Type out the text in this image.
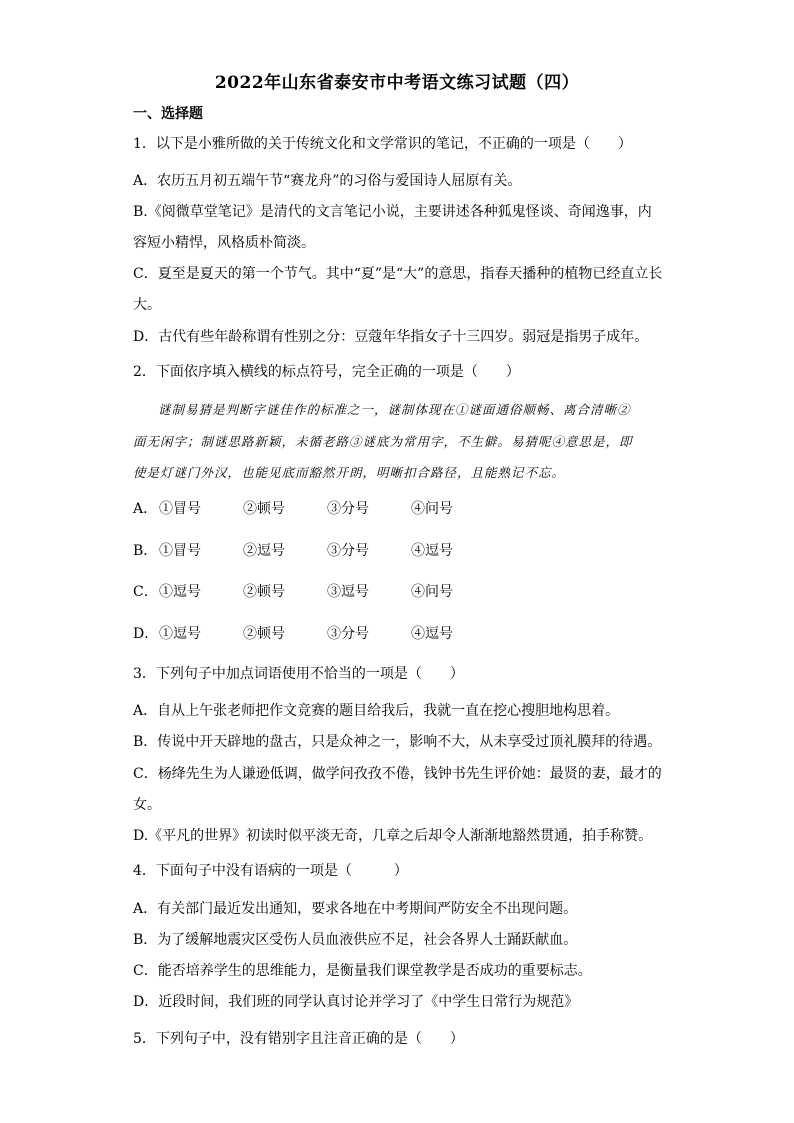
2022年山东省泰安市中考语文练习试题（四）
一、选择题
1．以下是小雅所做的关于传统文化和文学常识的笔记，不正确的一项是（　　）
A．农历五月初五端午节“赛龙舟”的习俗与爱国诗人屈原有关。
B.《阅微草堂笔记》是清代的文言笔记小说，主要讲述各种狐鬼怪谈、奇闻逸事，内
容短小精悍，风格质朴简淡。
C．夏至是夏天的第一个节气。其中“夏”是“大”的意思，指春天播种的植物已经直立长
大。
D．古代有些年龄称谓有性别之分：豆蔻年华指女子十三四岁。弱冠是指男子成年。
2．下面依序填入横线的标点符号，完全正确的一项是（　　）
谜制易猜是判断字谜佳作的标准之一，谜制体现在①谜面通俗顺畅、离合清晰②
面无闲字；制谜思路新颖，未循老路③谜底为常用字，不生僻。易猜呢④意思是，即
使是灯谜门外汉，也能见底而豁然开朗，明晰扣合路径，且能熟记不忘。
A． ①冒号	②顿号	③分号	④问号
B． ①冒号	②逗号	③分号	④逗号
C．①逗号	②顿号	③逗号	④问号
D．①逗号	②顿号	③分号	④逗号
3．下列句子中加点词语使用不恰当的一项是（　　）
A．自从上午张老师把作文竞赛的题目给我后，我就一直在挖心搜胆地构思着。
B．传说中开天辟地的盘古，只是众神之一，影响不大，从未享受过顶礼膜拜的待遇。
C．杨绛先生为人谦逊低调，做学问孜孜不倦，钱钟书先生评价她：最贤的妻，最才的
女。
D.《平凡的世界》初读时似平淡无奇，几章之后却令人渐渐地豁然贯通，拍手称赞。
4．下面句子中没有语病的一项是（　　　）
A．有关部门最近发出通知，要求各地在中考期间严防安全不出现问题。
B．为了缓解地震灾区受伤人员血液供应不足，社会各界人士踊跃献血。
C．能否培养学生的思维能力，是衡量我们课堂教学是否成功的重要标志。
D．近段时间，我们班的同学认真讨论并学习了《中学生日常行为规范》
5．下列句子中，没有错别字且注音正确的是（　　）
